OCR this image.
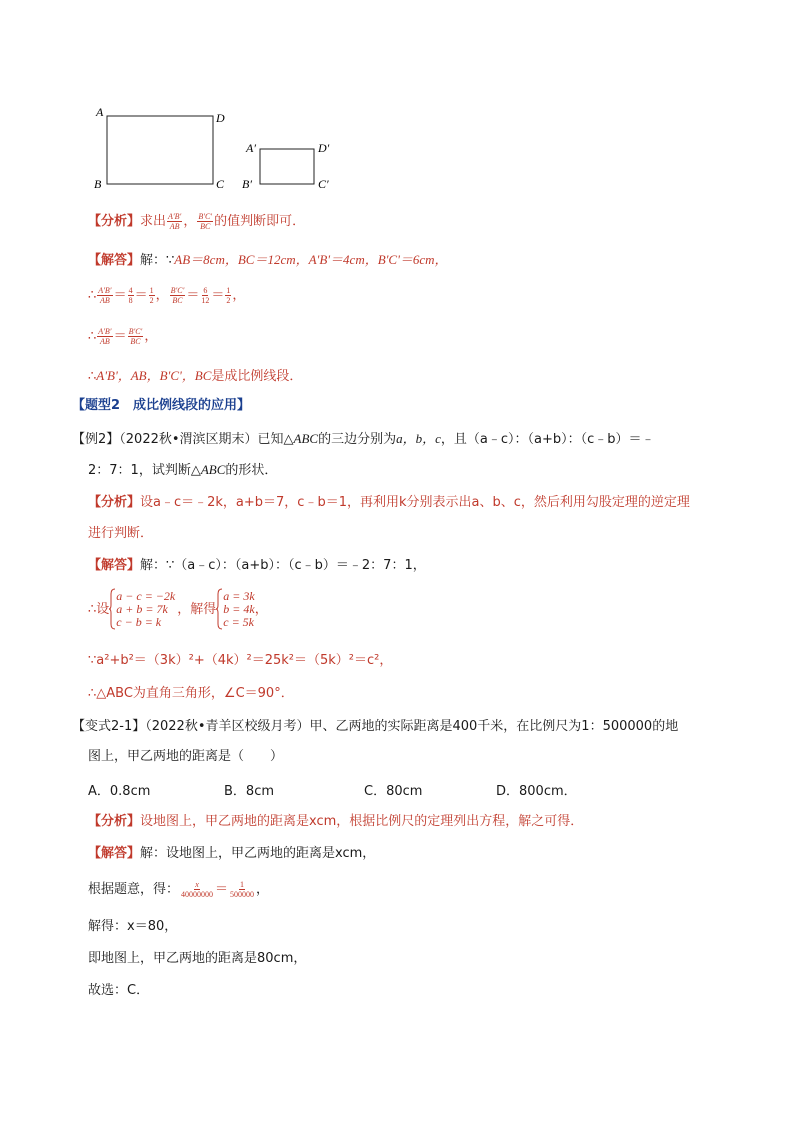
A
B	C
D
A′
B′	C′
D′
【分析】求出 $\frac{A'B'}{AB}$ ， $\frac{B'C'}{BC}$ 的值判断即可．
【解答】解：∵AB＝8cm，BC＝12cm，A'B'＝4cm，B'C'＝6cm，
∴ $\frac{A'B'}{AB} = \frac{4}{8} = \frac{1}{2}$ ， $\frac{B'C'}{BC} = \frac{6}{12} = \frac{1}{2}$ ，
∴ $\frac{A'B'}{AB} = \frac{B'C'}{BC}$ ，
∴A'B'，AB，B'C'，BC是成比例线段．
【题型2　成比例线段的应用】
【例2】（2022秋•渭滨区期末）已知△ABC的三边分别为a，b，c，且（a﹣c）：（a+b）：（c﹣b）＝﹣
2：7：1，试判断△ABC的形状．
【分析】设a﹣c＝﹣2k，a+b＝7，c﹣b＝1，再利用k分别表示出a、b、c，然后利用勾股定理的逆定理
进行判断．
【解答】解：∵（a﹣c）：（a+b）：（c﹣b）＝﹣2：7：1，
∴设
a − c = −2k
a + b = 7k
c − b = k
，解得
a = 3k
b = 4k
c = 5k
，
∵a²+b²＝（3k）²+（4k）²＝25k²＝（5k）²＝c²，
∴△ABC为直角三角形，∠C＝90°．
【变式2-1】（2022秋•青羊区校级月考）甲、乙两地的实际距离是400千米，在比例尺为1：500000的地
图上，甲乙两地的距离是（　　）
A．0.8cm	B．8cm	C．80cm	D．800cm．
【分析】设地图上，甲乙两地的距离是xcm，根据比例尺的定理列出方程，解之可得．
【解答】解：设地图上，甲乙两地的距离是xcm，
根据题意，得： $\frac{x}{40000000} = \frac{1}{500000}$ ，
解得：x＝80，
即地图上，甲乙两地的距离是80cm，
故选：C．
